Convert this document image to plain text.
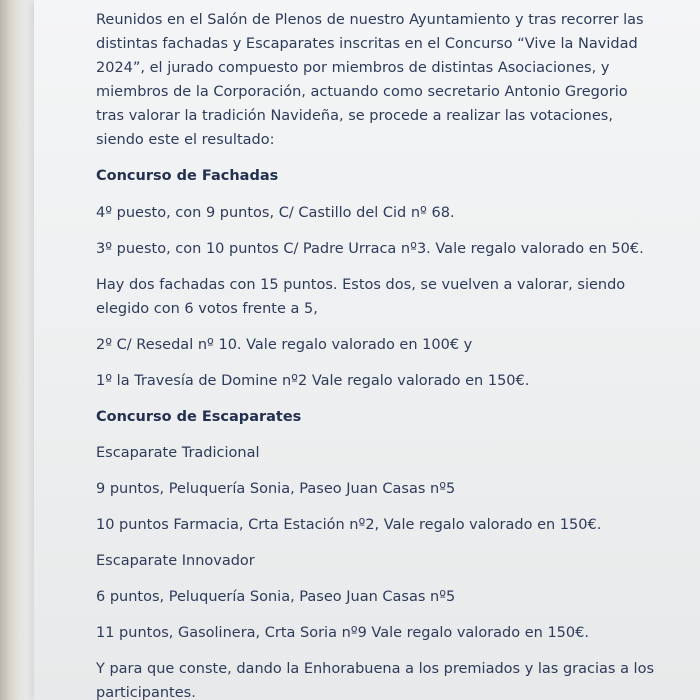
Reunidos en el Salón de Plenos de nuestro Ayuntamiento y tras recorrer las
distintas fachadas y Escaparates inscritas en el Concurso “Vive la Navidad
2024”, el jurado compuesto por miembros de distintas Asociaciones, y
miembros de la Corporación, actuando como secretario Antonio Gregorio
tras valorar la tradición Navideña, se procede a realizar las votaciones,
siendo este el resultado:

Concurso de Fachadas

4º puesto, con 9 puntos, C/ Castillo del Cid nº 68.

3º puesto, con 10 puntos C/ Padre Urraca nº3. Vale regalo valorado en 50€.

Hay dos fachadas con 15 puntos. Estos dos, se vuelven a valorar, siendo
elegido con 6 votos frente a 5,

2º C/ Resedal nº 10. Vale regalo valorado en 100€ y

1º la Travesía de Domine nº2 Vale regalo valorado en 150€.

Concurso de Escaparates

Escaparate Tradicional

9 puntos, Peluquería Sonia, Paseo Juan Casas nº5

10 puntos Farmacia, Crta Estación nº2, Vale regalo valorado en 150€.

Escaparate Innovador

6 puntos, Peluquería Sonia, Paseo Juan Casas nº5

11 puntos, Gasolinera, Crta Soria nº9 Vale regalo valorado en 150€.

Y para que conste, dando la Enhorabuena a los premiados y las gracias a los

participantes.
